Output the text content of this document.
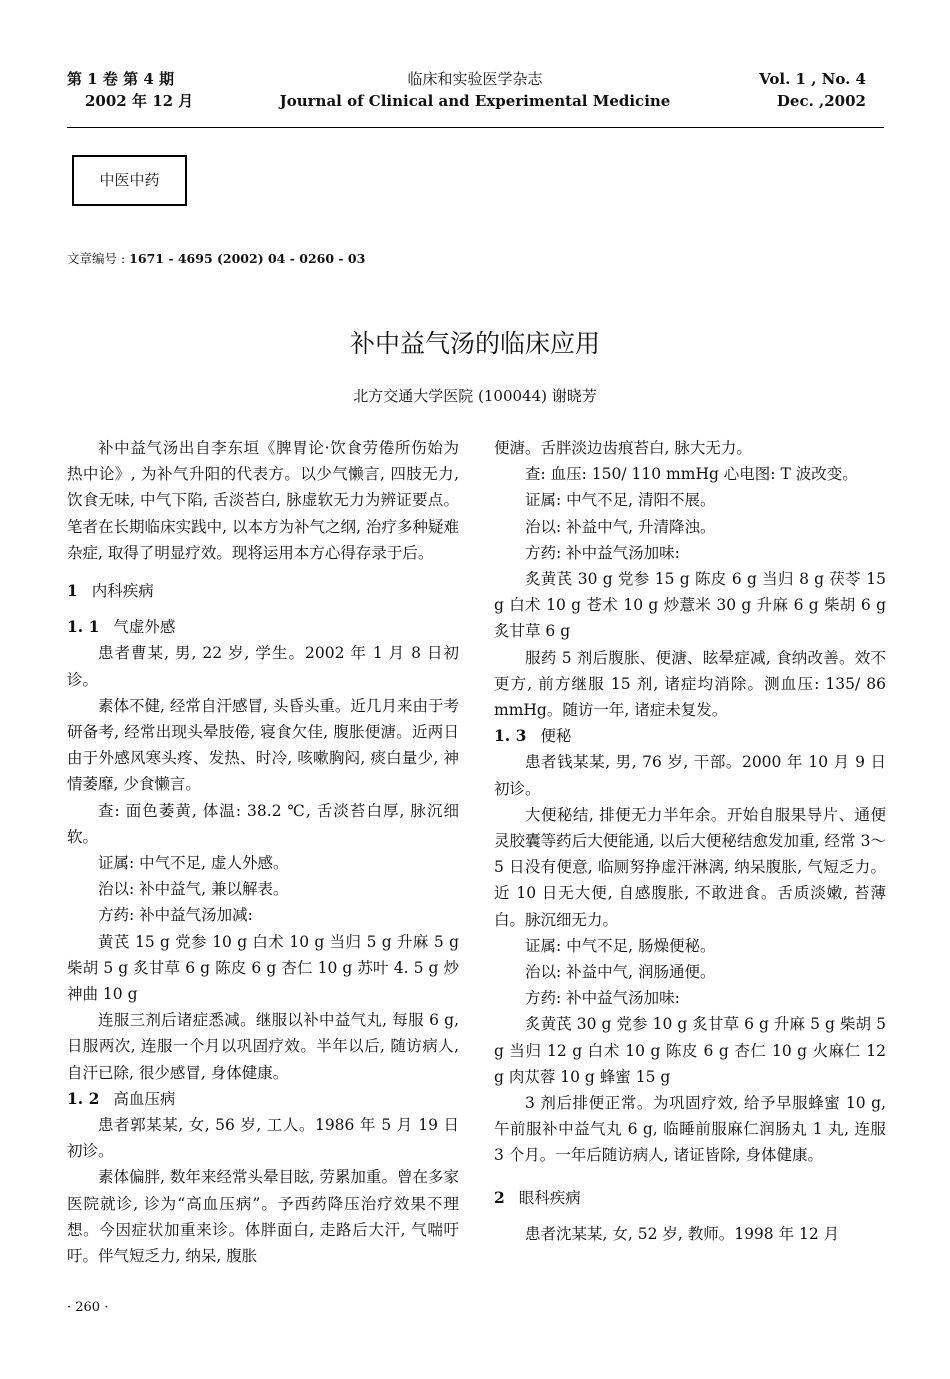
第 1 卷 第 4 期
2002 年 12 月
临床和实验医学杂志
Journal of Clinical and Experimental Medicine
Vol. 1 , No. 4
Dec. ,2002
中医中药
文章编号 : 1671 - 4695 (2002) 04 - 0260 - 03
补中益气汤的临床应用
北方交通大学医院 (100044) 谢晓芳

补中益气汤出自李东垣《脾胃论·饮食劳倦所伤始为热中论》, 为补气升阳的代表方。以少气懒言, 四肢无力, 饮食无味, 中气下陷, 舌淡苔白, 脉虚软无力为辨证要点。笔者在长期临床实践中, 以本方为补气之纲, 治疗多种疑难杂症, 取得了明显疗效。现将运用本方心得存录于后。

1 内科疾病

1. 1 气虚外感

患者曹某, 男, 22 岁, 学生。2002 年 1 月 8 日初诊。

素体不健, 经常自汗感冒, 头昏头重。近几月来由于考研备考, 经常出现头晕肢倦, 寝食欠佳, 腹胀便溏。近两日由于外感风寒头疼、发热、时冷, 咳嗽胸闷, 痰白量少, 神情萎靡, 少食懒言。

查: 面色萎黄, 体温: 38.2 ℃, 舌淡苔白厚, 脉沉细软。

证属: 中气不足, 虚人外感。

治以: 补中益气, 兼以解表。

方药: 补中益气汤加减:

黄芪 15 g 党参 10 g 白术 10 g 当归 5 g 升麻 5 g 柴胡 5 g 炙甘草 6 g 陈皮 6 g 杏仁 10 g 苏叶 4. 5 g 炒神曲 10 g

连服三剂后诸症悉减。继服以补中益气丸, 每服 6 g, 日服两次, 连服一个月以巩固疗效。半年以后, 随访病人, 自汗已除, 很少感冒, 身体健康。

1. 2 高血压病

患者郭某某, 女, 56 岁, 工人。1986 年 5 月 19 日初诊。

素体偏胖, 数年来经常头晕目眩, 劳累加重。曾在多家医院就诊, 诊为“高血压病”。予西药降压治疗效果不理想。今因症状加重来诊。体胖面白, 走路后大汗, 气喘吁吁。伴气短乏力, 纳呆, 腹胀

便溏。舌胖淡边齿痕苔白, 脉大无力。

查: 血压: 150/ 110 mmHg 心电图: T 波改变。

证属: 中气不足, 清阳不展。

治以: 补益中气, 升清降浊。

方药: 补中益气汤加味:

炙黄芪 30 g 党参 15 g 陈皮 6 g 当归 8 g 茯苓 15 g 白术 10 g 苍术 10 g 炒薏米 30 g 升麻 6 g 柴胡 6 g 炙甘草 6 g

服药 5 剂后腹胀、便溏、眩晕症减, 食纳改善。效不更方, 前方继服 15 剂, 诸症均消除。测血压: 135/ 86 mmHg。随访一年, 诸症未复发。

1. 3 便秘

患者钱某某, 男, 76 岁, 干部。2000 年 10 月 9 日初诊。

大便秘结, 排便无力半年余。开始自服果导片、通便灵胶囊等药后大便能通, 以后大便秘结愈发加重, 经常 3～5 日没有便意, 临厕努挣虚汗淋漓, 纳呆腹胀, 气短乏力。近 10 日无大便, 自感腹胀, 不敢进食。舌质淡嫩, 苔薄白。脉沉细无力。

证属: 中气不足, 肠燥便秘。

治以: 补益中气, 润肠通便。

方药: 补中益气汤加味:

炙黄芪 30 g 党参 10 g 炙甘草 6 g 升麻 5 g 柴胡 5 g 当归 12 g 白术 10 g 陈皮 6 g 杏仁 10 g 火麻仁 12 g 肉苁蓉 10 g 蜂蜜 15 g

3 剂后排便正常。为巩固疗效, 给予早服蜂蜜 10 g, 午前服补中益气丸 6 g, 临睡前服麻仁润肠丸 1 丸, 连服 3 个月。一年后随访病人, 诸证皆除, 身体健康。

2 眼科疾病

患者沈某某, 女, 52 岁, 教师。1998 年 12 月

· 260 ·
